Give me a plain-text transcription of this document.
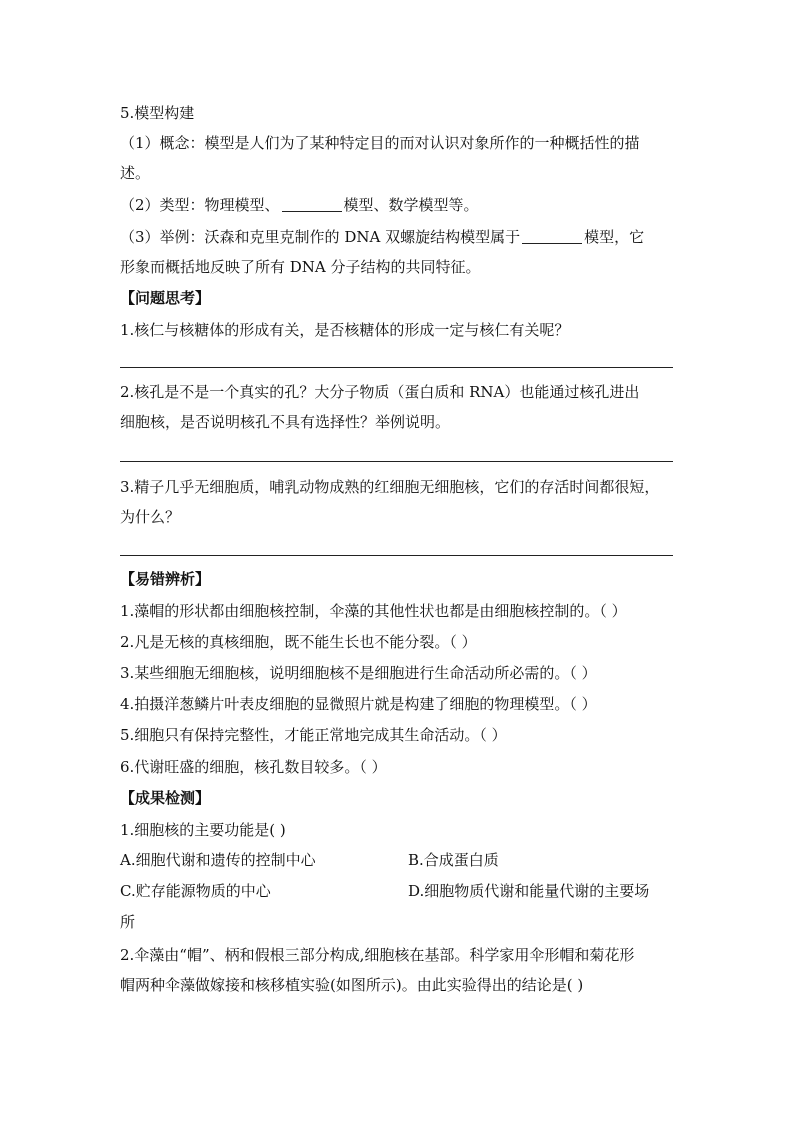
5.模型构建
（1）概念：模型是人们为了某种特定目的而对认识对象所作的一种概括性的描
述。
（2）类型：物理模型、	模型、数学模型等。
（3）举例：沃森和克里克制作的 DNA 双螺旋结构模型属于	模型，它
形象而概括地反映了所有 DNA 分子结构的共同特征。
【问题思考】
1.核仁与核糖体的形成有关，是否核糖体的形成一定与核仁有关呢？
2.核孔是不是一个真实的孔？大分子物质（蛋白质和 RNA）也能通过核孔进出
细胞核，是否说明核孔不具有选择性？举例说明。
3.精子几乎无细胞质，哺乳动物成熟的红细胞无细胞核，它们的存活时间都很短，
为什么？
【易错辨析】
1.藻帽的形状都由细胞核控制，伞藻的其他性状也都是由细胞核控制的。（ ）
2.凡是无核的真核细胞，既不能生长也不能分裂。（ ）
3.某些细胞无细胞核，说明细胞核不是细胞进行生命活动所必需的。（ ）
4.拍摄洋葱鳞片叶表皮细胞的显微照片就是构建了细胞的物理模型。（ ）
5.细胞只有保持完整性，才能正常地完成其生命活动。（ ）
6.代谢旺盛的细胞，核孔数目较多。（ ）
【成果检测】
1.细胞核的主要功能是( )
A.细胞代谢和遗传的控制中心	B.合成蛋白质
C.贮存能源物质的中心	D.细胞物质代谢和能量代谢的主要场
所
2.伞藻由“帽”、柄和假根三部分构成,细胞核在基部。科学家用伞形帽和菊花形
帽两种伞藻做嫁接和核移植实验(如图所示)。由此实验得出的结论是( )
